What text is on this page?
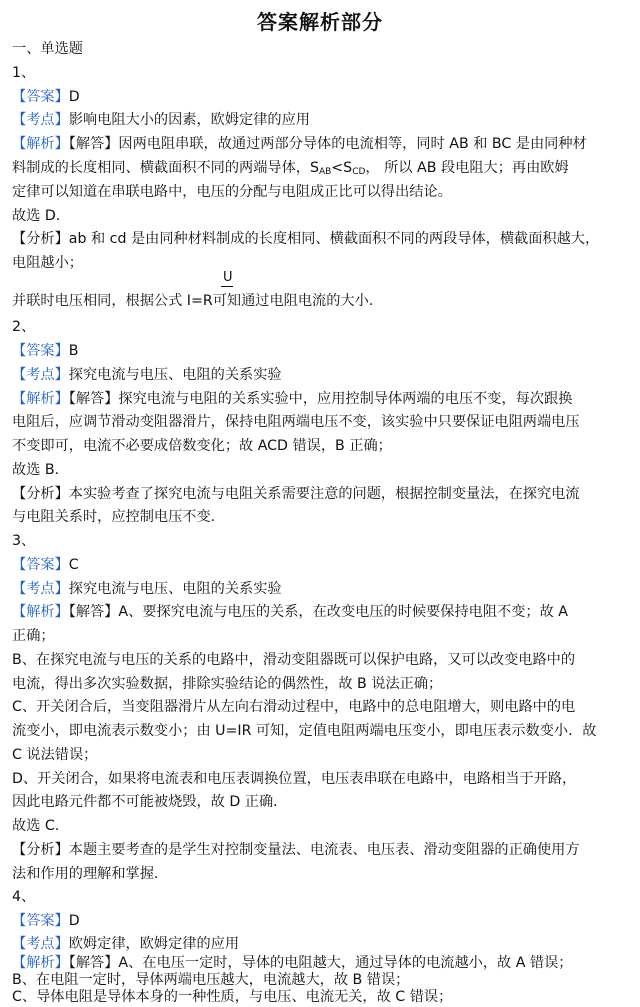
答案解析部分
一、单选题
1、
【答案】D
【考点】影响电阻大小的因素，欧姆定律的应用
【解析】【解答】因两电阻串联，故通过两部分导体的电流相等，同时 AB 和 BC 是由同种材
料制成的长度相同、横截面积不同的两端导体，$S_{AB}<S_{CD}$， 所以 AB 段电阻大；再由欧姆
定律可以知道在串联电路中，电压的分配与电阻成正比可以得出结论。
故选 D.
【分析】ab 和 cd 是由同种材料制成的长度相同、横截面积不同的两段导体，横截面积越大，
电阻越小；
U
并联时电压相同，根据公式 I=R可知通过电阻电流的大小.
2、
【答案】B
【考点】探究电流与电压、电阻的关系实验
【解析】【解答】探究电流与电阻的关系实验中，应用控制导体两端的电压不变，每次跟换
电阻后，应调节滑动变阻器滑片，保持电阻两端电压不变，该实验中只要保证电阻两端电压
不变即可，电流不必要成倍数变化；故 ACD 错误，B 正确；
故选 B.
【分析】本实验考查了探究电流与电阻关系需要注意的问题，根据控制变量法，在探究电流
与电阻关系时，应控制电压不变.
3、
【答案】C
【考点】探究电流与电压、电阻的关系实验
【解析】【解答】A、要探究电流与电压的关系，在改变电压的时候要保持电阻不变；故 A
正确；
B、在探究电流与电压的关系的电路中，滑动变阻器既可以保护电路，又可以改变电路中的
电流，得出多次实验数据，排除实验结论的偶然性，故 B 说法正确；
C、开关闭合后，当变阻器滑片从左向右滑动过程中，电路中的总电阻增大，则电路中的电
流变小，即电流表示数变小；由 U=IR 可知，定值电阻两端电压变小，即电压表示数变小．故
C 说法错误；
D、开关闭合，如果将电流表和电压表调换位置，电压表串联在电路中，电路相当于开路，
因此电路元件都不可能被烧毁，故 D 正确．
故选 C.
【分析】本题主要考查的是学生对控制变量法、电流表、电压表、滑动变阻器的正确使用方
法和作用的理解和掌握.
4、
【答案】D
【考点】欧姆定律，欧姆定律的应用
【解析】【解答】A、在电压一定时，导体的电阻越大，通过导体的电流越小，故 A 错误；
B、在电阻一定时，导体两端电压越大，电流越大，故 B 错误；
C、导体电阻是导体本身的一种性质，与电压、电流无关，故 C 错误；
